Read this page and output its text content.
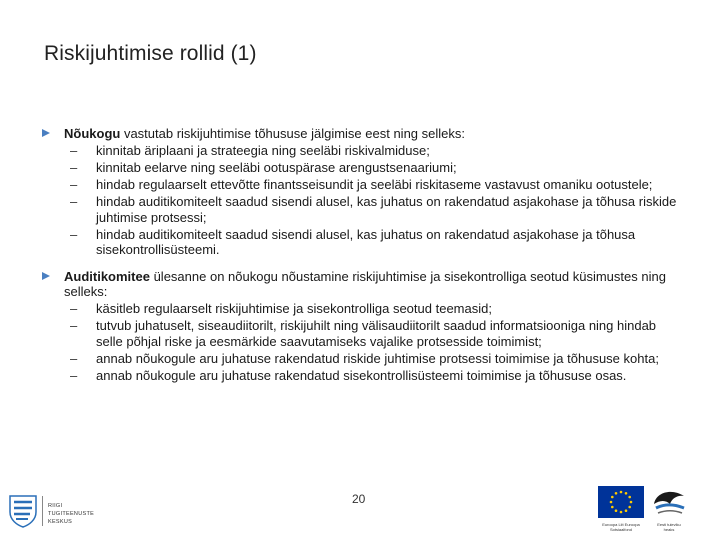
Riskijuhtimise rollid (1)
Nõukogu vastutab riskijuhtimise tõhususe jälgimise eest ning selleks:
– kinnitab äriplaani ja strateegia ning seeläbi riskivalmiduse;
– kinnitab eelarve ning seeläbi ootuspärase arengustsenaariumi;
– hindab regulaarselt ettevõtte finantsseisundit ja seeläbi riskitaseme vastavust omaniku ootustele;
– hindab auditikomiteelt saadud sisendi alusel, kas juhatus on rakendatud asjakohase ja tõhusa riskide juhtimise protsessi;
– hindab auditikomiteelt saadud sisendi alusel, kas juhatus on rakendatud asjakohase ja tõhusa sisekontrollisüsteemi.
Auditikomitee ülesanne on nõukogu nõustamine riskijuhtimise ja sisekontrolliga seotud küsimustes ning selleks:
– käsitleb regulaarselt riskijuhtimise ja sisekontrolliga seotud teemasid;
– tutvub juhatuselt, siseaudiitorilt, riskijuhilt ning välisaudiitorilt saadud informatsiooniga ning hindab selle põhjal riske ja eesmärkide saavutamiseks vajalike protsesside toimimist;
– annab nõukogule aru juhatuse rakendatud riskide juhtimise protsessi toimimise ja tõhususe kohta;
– annab nõukogule aru juhatuse rakendatud sisekontrollisüsteemi toimimise ja tõhususe osas.
20
RIIGI TUGITEENUSTE
KESKUS	Euroopa Liit Euroopa Sotsiaalfond
Eesti tuleviku heaks
